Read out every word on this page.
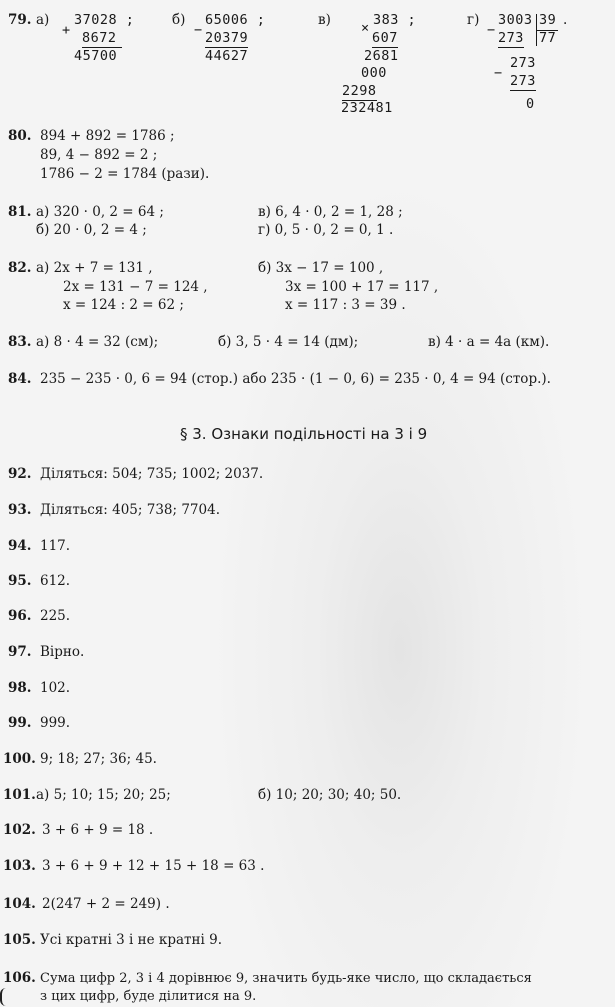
79. а)
+
37028 ;
8672
45700
б)
−
65006 ;
20379
44627
в) × 383 ;
607
2681
000
2298
232481
г)
−
3003 39 .
273 77
−
273
273
0
80. 894 + 892 = 1786 ;
89, 4 − 892 = 2 ;
1786 − 2 = 1784 (рази).
81. а) 320 · 0, 2 = 64 ;
б) 20 · 0, 2 = 4 ;
в) 6, 4 · 0, 2 = 1, 28 ;
г) 0, 5 · 0, 2 = 0, 1 .
82. а) 2x + 7 = 131 ,
2x = 131 − 7 = 124 ,
x = 124 : 2 = 62 ;
б) 3x − 17 = 100 ,
3x = 100 + 17 = 117 ,
x = 117 : 3 = 39 .
83. а) 8 · 4 = 32 (см);	б) 3, 5 · 4 = 14 (дм);	в) 4 · a = 4a (км).
84. 235 − 235 · 0, 6 = 94 (стор.) або 235 · (1 − 0, 6) = 235 · 0, 4 = 94 (стор.).
§ 3. Ознаки подільності на 3 і 9
92. Діляться: 504; 735; 1002; 2037.
93. Діляться: 405; 738; 7704.
94. 117.
95. 612.
96. 225.
97. Вірно.
98. 102.
99. 999.
100. 9; 18; 27; 36; 45.
101. а) 5; 10; 15; 20; 25;	б) 10; 20; 30; 40; 50.
102. 3 + 6 + 9 = 18 .
103. 3 + 6 + 9 + 12 + 15 + 18 = 63 .
104. 2(247 + 2 = 249) .
105. Усі кратні 3 і не кратні 9.
106. Сума цифр 2, 3 і 4 дорівнює 9, значить будь-яке число, що складається
з цих цифр, буде ділитися на 9.
